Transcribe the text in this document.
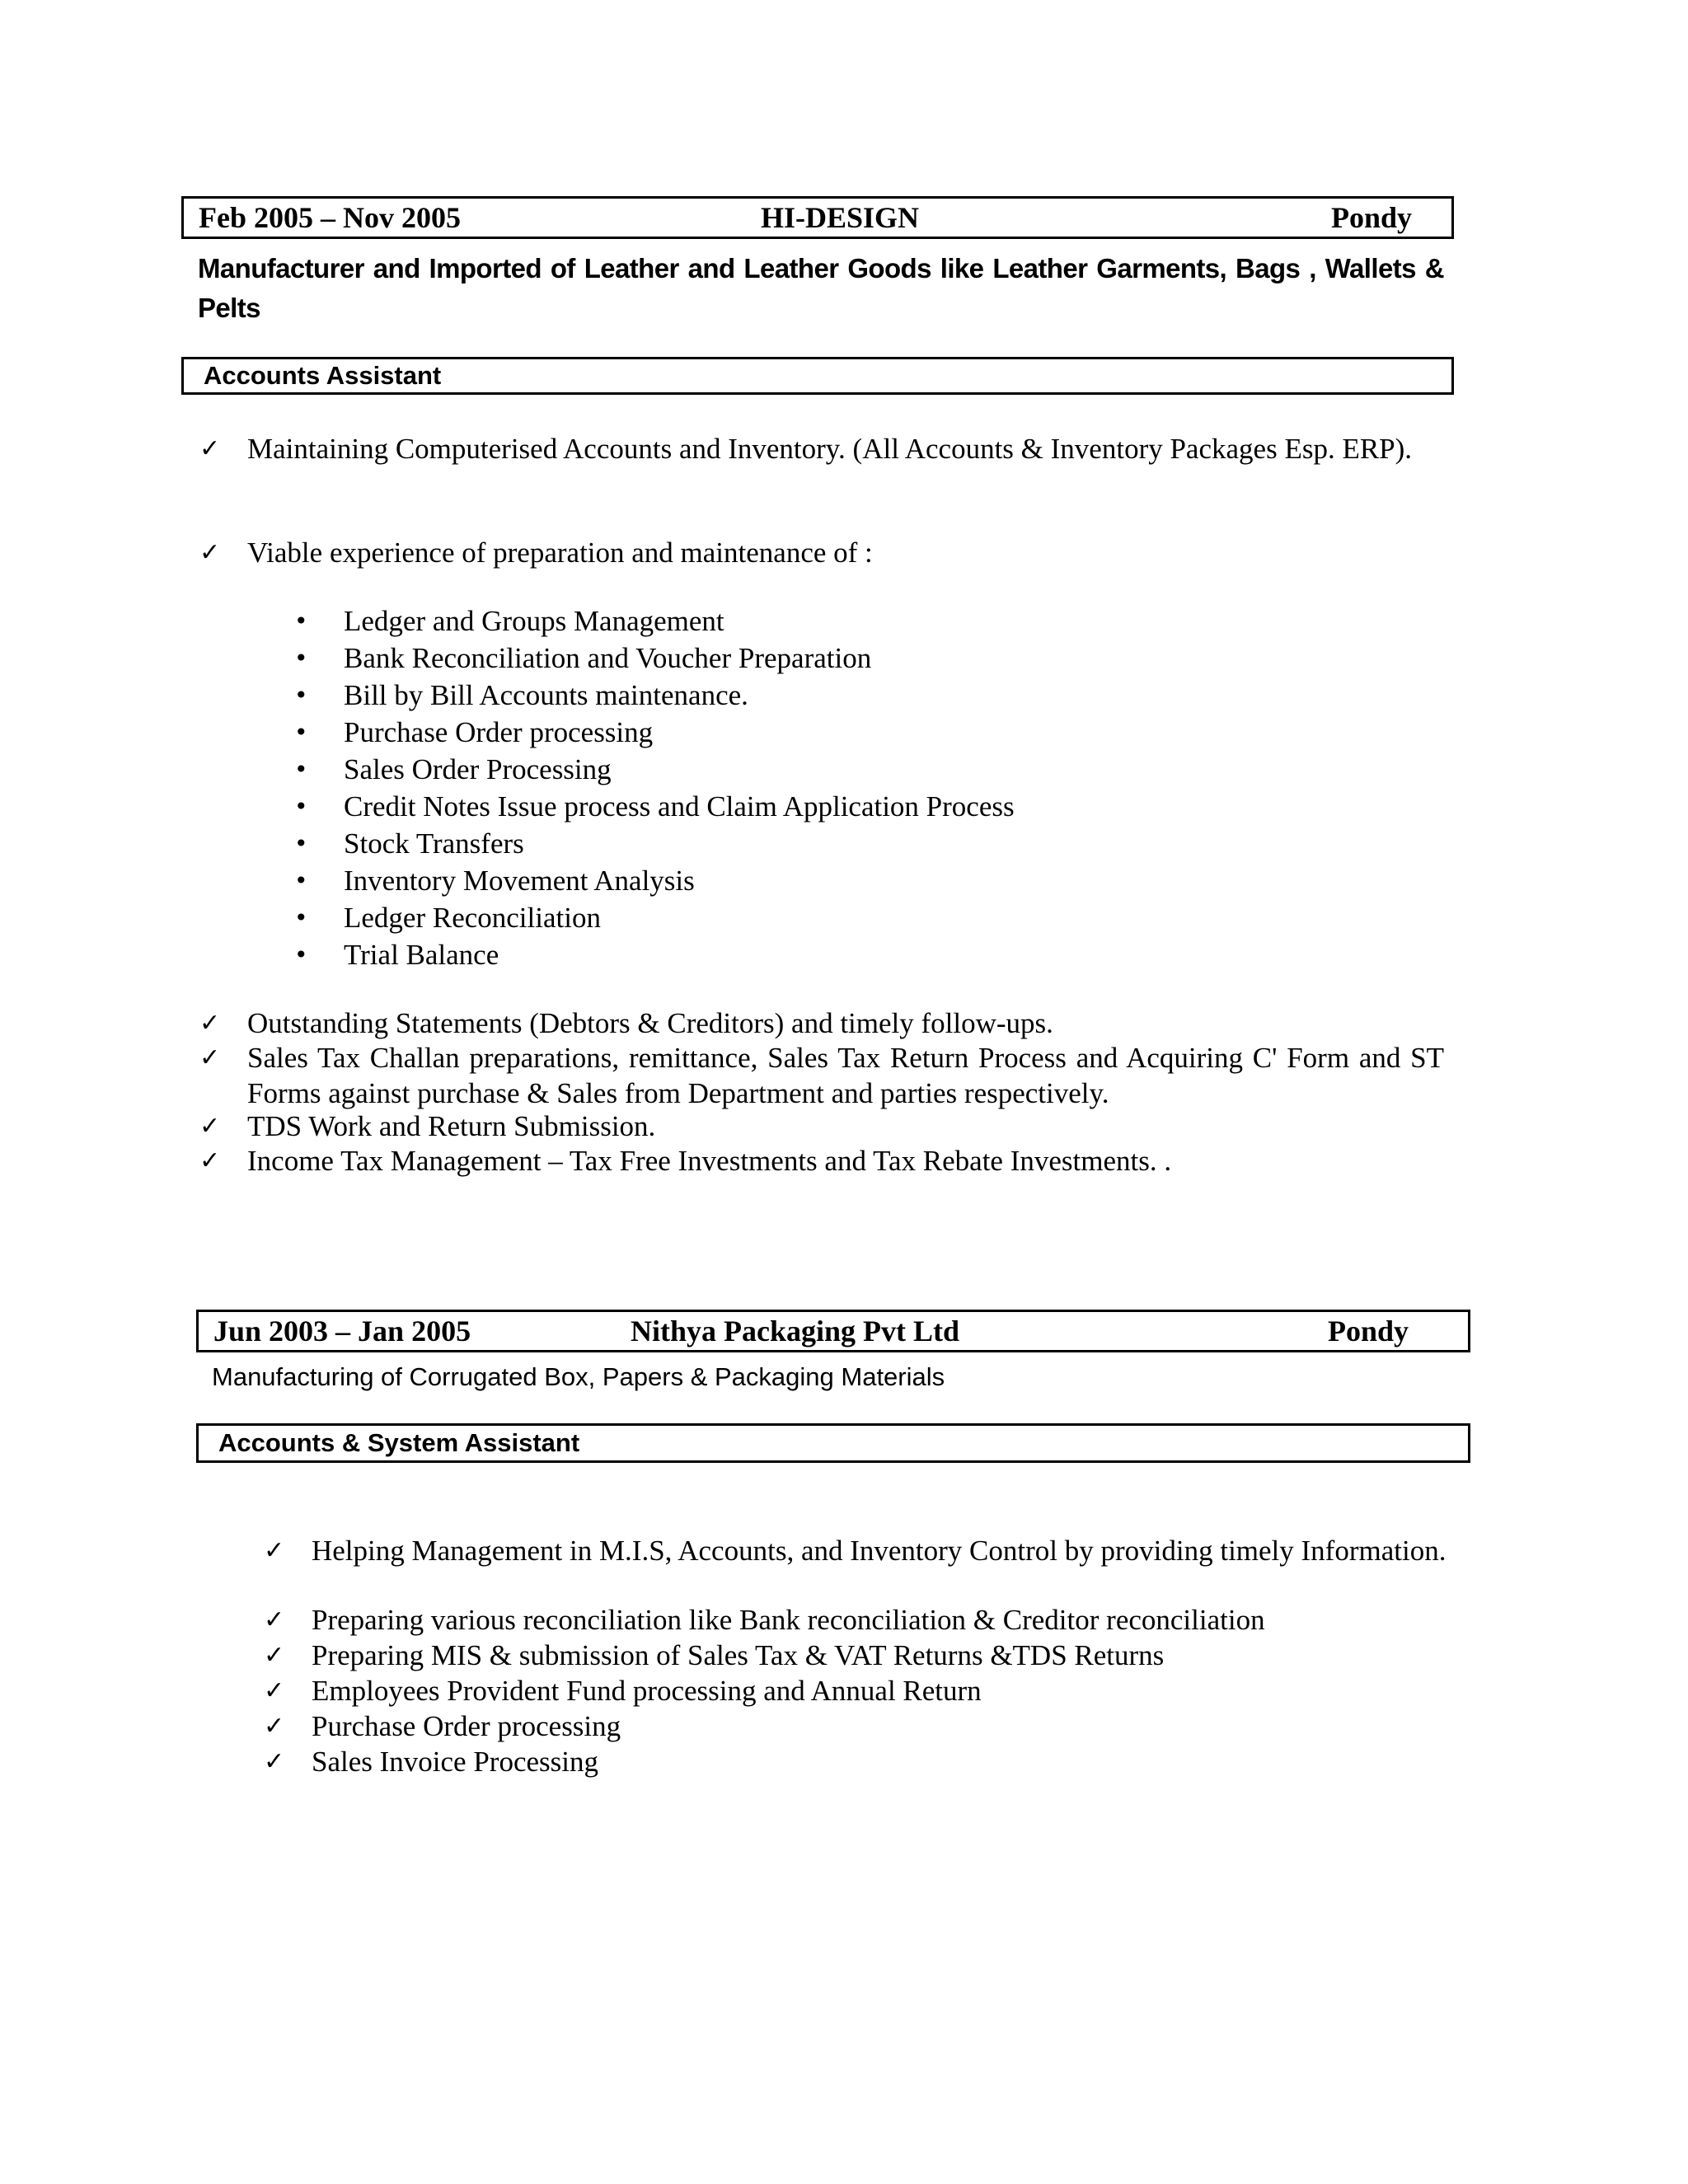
Feb 2005 – Nov 2005	HI-DESIGN	Pondy
Manufacturer and Imported of Leather and Leather Goods like Leather Garments, Bags , Wallets & Pelts
Accounts Assistant
✓ Maintaining Computerised Accounts and Inventory. (All Accounts & Inventory Packages Esp. ERP).
✓ Viable experience of preparation and maintenance of :
• Ledger and Groups Management
• Bank Reconciliation and Voucher Preparation
• Bill by Bill Accounts maintenance.
• Purchase Order processing
• Sales Order Processing
• Credit Notes Issue process and Claim Application Process
• Stock Transfers
• Inventory Movement Analysis
• Ledger Reconciliation
• Trial Balance
✓ Outstanding Statements (Debtors & Creditors) and timely follow-ups.
✓ Sales Tax Challan preparations, remittance, Sales Tax Return Process and Acquiring C' Form and ST Forms against purchase & Sales from Department and parties respectively.
✓ TDS Work and Return Submission.
✓ Income Tax Management – Tax Free Investments and Tax Rebate Investments. .
Jun 2003 – Jan 2005	Nithya Packaging Pvt Ltd	Pondy
Manufacturing of Corrugated Box, Papers & Packaging Materials
Accounts & System Assistant
✓ Helping Management in M.I.S, Accounts, and Inventory Control by providing timely Information.
✓ Preparing various reconciliation like Bank reconciliation & Creditor reconciliation
✓ Preparing MIS & submission of Sales Tax & VAT Returns &TDS Returns
✓ Employees Provident Fund processing and Annual Return
✓ Purchase Order processing
✓ Sales Invoice Processing
